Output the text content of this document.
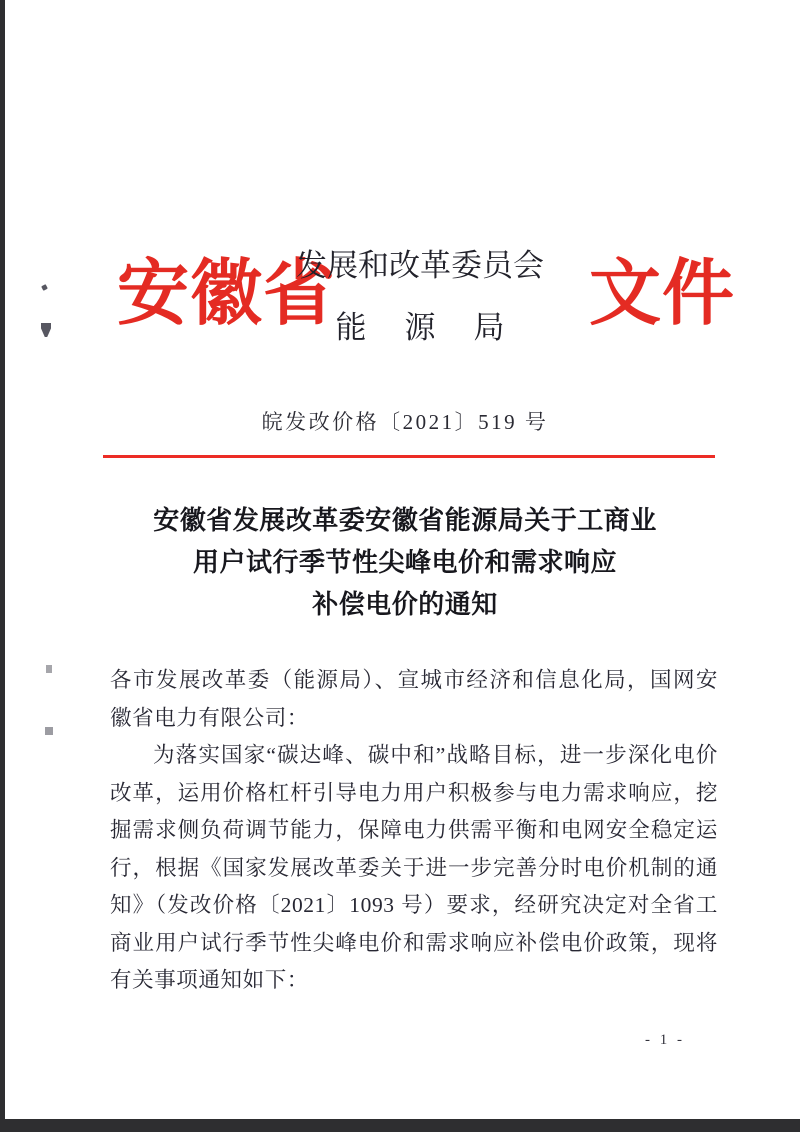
安徽省
发展和改革委员会
能源局 文件
皖发改价格〔2021〕519 号
安徽省发展改革委安徽省能源局关于工商业
用户试行季节性尖峰电价和需求响应
补偿电价的通知

各市发展改革委（能源局）、宣城市经济和信息化局，国网安徽省电力有限公司：

为落实国家“碳达峰、碳中和”战略目标，进一步深化电价改革，运用价格杠杆引导电力用户积极参与电力需求响应，挖掘需求侧负荷调节能力，保障电力供需平衡和电网安全稳定运行，根据《国家发展改革委关于进一步完善分时电价机制的通知》（发改价格〔2021〕1093 号）要求，经研究决定对全省工商业用户试行季节性尖峰电价和需求响应补偿电价政策，现将有关事项通知如下：

- 1 -
